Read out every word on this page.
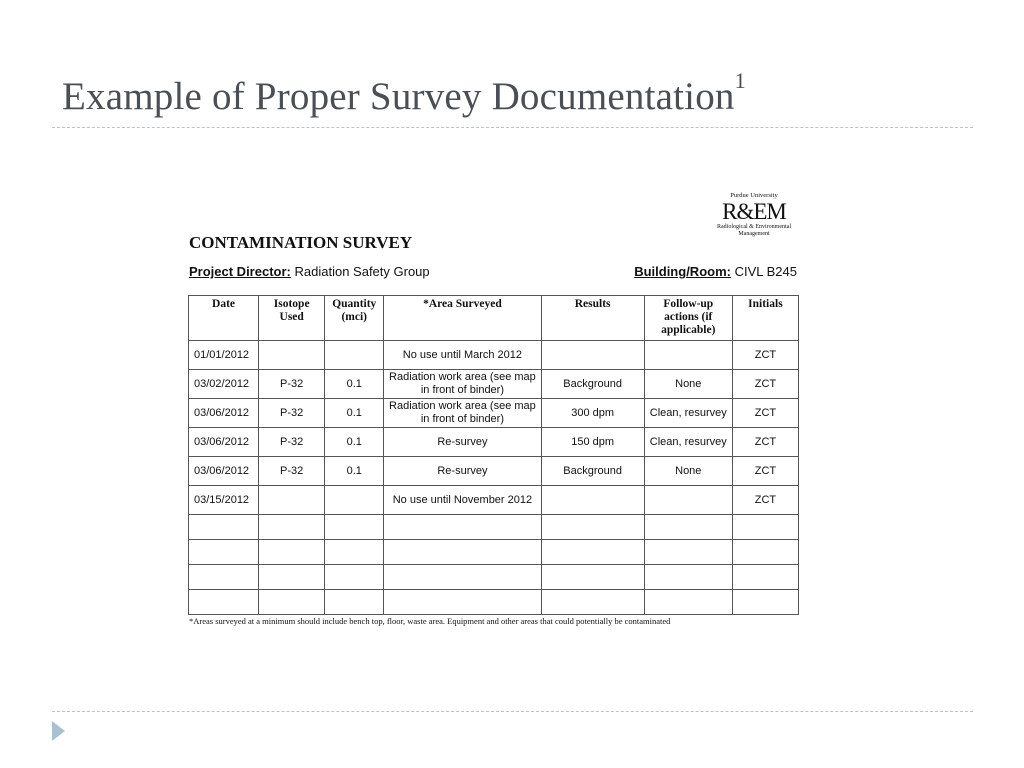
Example of Proper Survey Documentation$^1$
Purdue University
R&EM
Radiological & Environmental Management
CONTAMINATION SURVEY
Project Director: Radiation Safety Group	Building/Room: CIVL B245
Date	Isotope Used	Quantity (mci)	*Area Surveyed	Results	Follow-up actions (if applicable)	Initials
01/01/2012			No use until March 2012			ZCT
03/02/2012	P-32	0.1	Radiation work area (see map in front of binder)	Background	None	ZCT
03/06/2012	P-32	0.1	Radiation work area (see map in front of binder)	300 dpm	Clean, resurvey	ZCT
03/06/2012	P-32	0.1	Re-survey	150 dpm	Clean, resurvey	ZCT
03/06/2012	P-32	0.1	Re-survey	Background	None	ZCT
03/15/2012			No use until November 2012			ZCT

*Areas surveyed at a minimum should include bench top, floor, waste area. Equipment and other areas that could potentially be contaminated
